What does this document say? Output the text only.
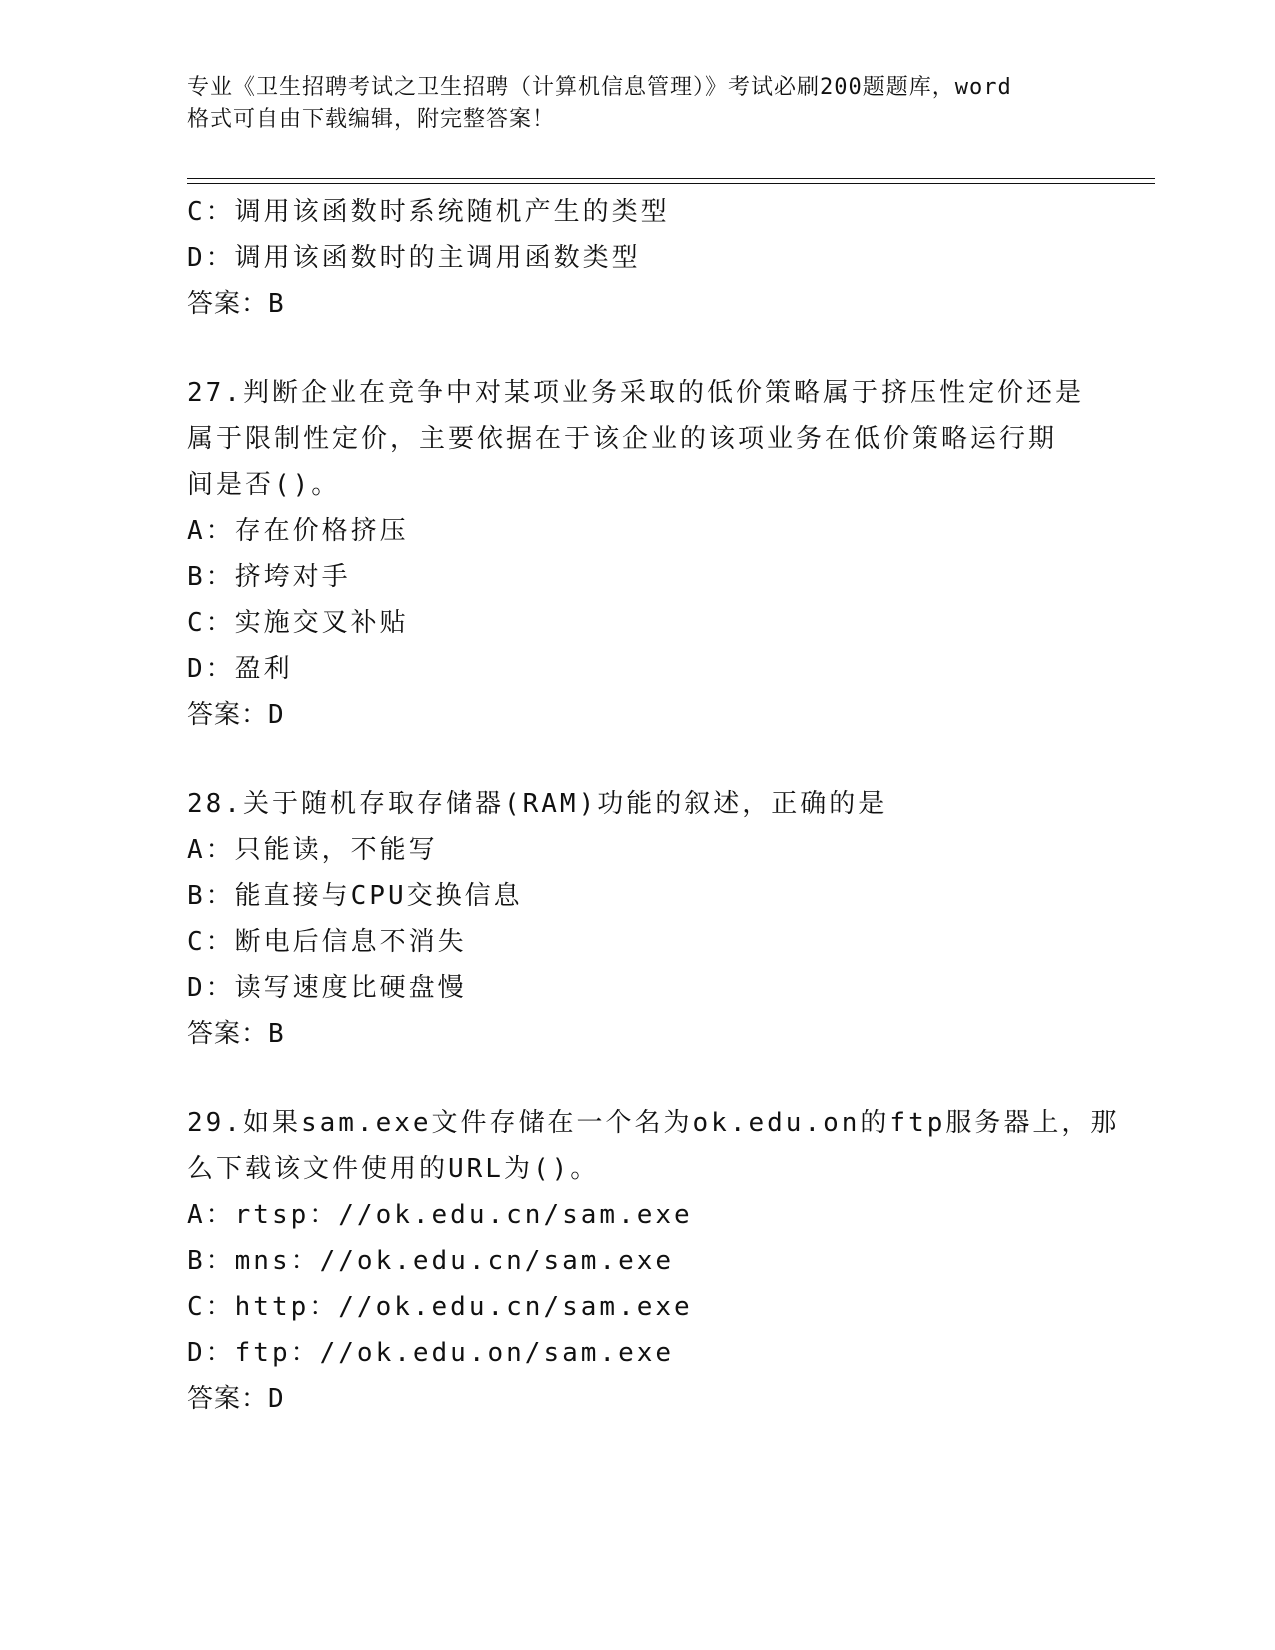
专业《卫生招聘考试之卫生招聘（计算机信息管理）》考试必刷200题题库，word
格式可自由下载编辑，附完整答案！
C：调用该函数时系统随机产生的类型
D：调用该函数时的主调用函数类型
答案：B
27.判断企业在竞争中对某项业务采取的低价策略属于挤压性定价还是
属于限制性定价，主要依据在于该企业的该项业务在低价策略运行期
间是否()。
A：存在价格挤压
B：挤垮对手
C：实施交叉补贴
D：盈利
答案：D
28.关于随机存取存储器(RAM)功能的叙述，正确的是
A：只能读，不能写
B：能直接与CPU交换信息
C：断电后信息不消失
D：读写速度比硬盘慢
答案：B
29.如果sam.exe文件存储在一个名为ok.edu.on的ftp服务器上，那
么下载该文件使用的URL为()。
A：rtsp：//ok.edu.cn/sam.exe
B：mns：//ok.edu.cn/sam.exe
C：http：//ok.edu.cn/sam.exe
D：ftp：//ok.edu.on/sam.exe
答案：D
